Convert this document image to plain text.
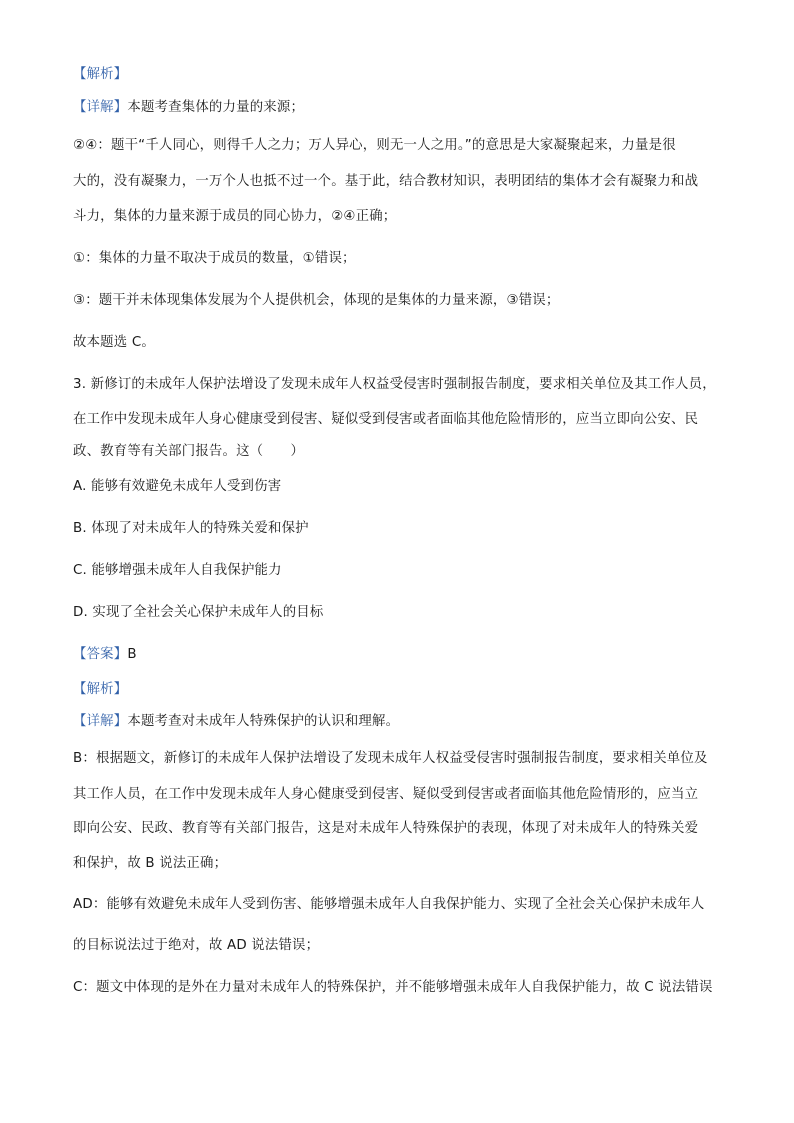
【解析】
【详解】本题考查集体的力量的来源；
②④：题干“千人同心，则得千人之力；万人异心，则无一人之用。”的意思是大家凝聚起来，力量是很
大的，没有凝聚力，一万个人也抵不过一个。基于此，结合教材知识，表明团结的集体才会有凝聚力和战
斗力，集体的力量来源于成员的同心协力，②④正确；
①：集体的力量不取决于成员的数量，①错误；
③：题干并未体现集体发展为个人提供机会，体现的是集体的力量来源，③错误；
故本题选 C。
3. 新修订的未成年人保护法增设了发现未成年人权益受侵害时强制报告制度，要求相关单位及其工作人员，
在工作中发现未成年人身心健康受到侵害、疑似受到侵害或者面临其他危险情形的，应当立即向公安、民
政、教育等有关部门报告。这（　　）
A. 能够有效避免未成年人受到伤害
B. 体现了对未成年人的特殊关爱和保护
C. 能够增强未成年人自我保护能力
D. 实现了全社会关心保护未成年人的目标
【答案】B
【解析】
【详解】本题考查对未成年人特殊保护的认识和理解。
B：根据题文，新修订的未成年人保护法增设了发现未成年人权益受侵害时强制报告制度，要求相关单位及
其工作人员，在工作中发现未成年人身心健康受到侵害、疑似受到侵害或者面临其他危险情形的，应当立
即向公安、民政、教育等有关部门报告，这是对未成年人特殊保护的表现，体现了对未成年人的特殊关爱
和保护，故 B 说法正确；
AD：能够有效避免未成年人受到伤害、能够增强未成年人自我保护能力、实现了全社会关心保护未成年人
的目标说法过于绝对，故 AD 说法错误；
C：题文中体现的是外在力量对未成年人的特殊保护，并不能够增强未成年人自我保护能力，故 C 说法错误
